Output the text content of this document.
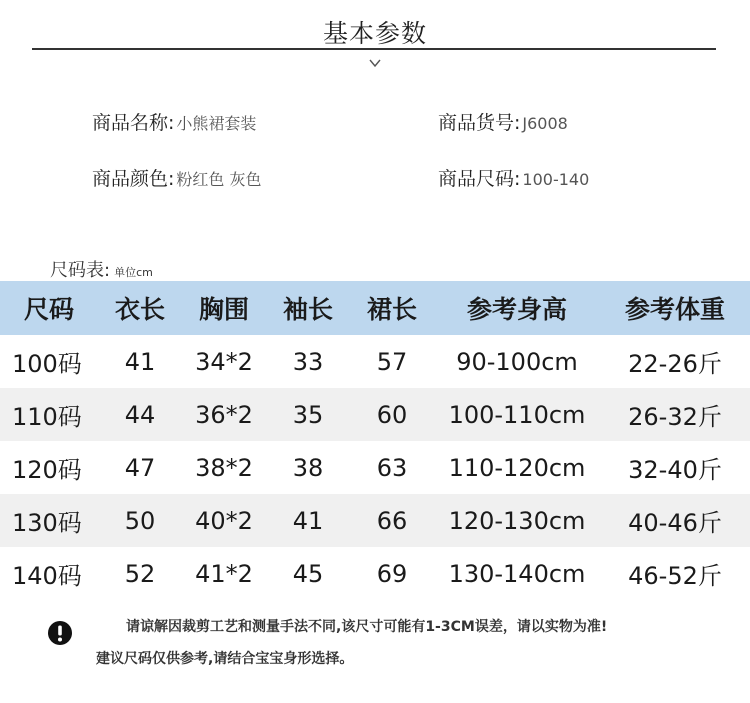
基本参数
商品名称: 小熊裙套装	商品货号: J6008
商品颜色: 粉红色 灰色	商品尺码: 100-140
尺码表: 单位cm
尺码	衣长	胸围	袖长	裙长	参考身高	参考体重
100码	41	34*2	33	57	90-100cm	22-26斤
110码	44	36*2	35	60	100-110cm	26-32斤
120码	47	38*2	38	63	110-120cm	32-40斤
130码	50	40*2	41	66	120-130cm	40-46斤
140码	52	41*2	45	69	130-140cm	46-52斤
请谅解因裁剪工艺和测量手法不同,该尺寸可能有1-3CM误差，请以实物为准!
建议尺码仅供参考,请结合宝宝身形选择。
